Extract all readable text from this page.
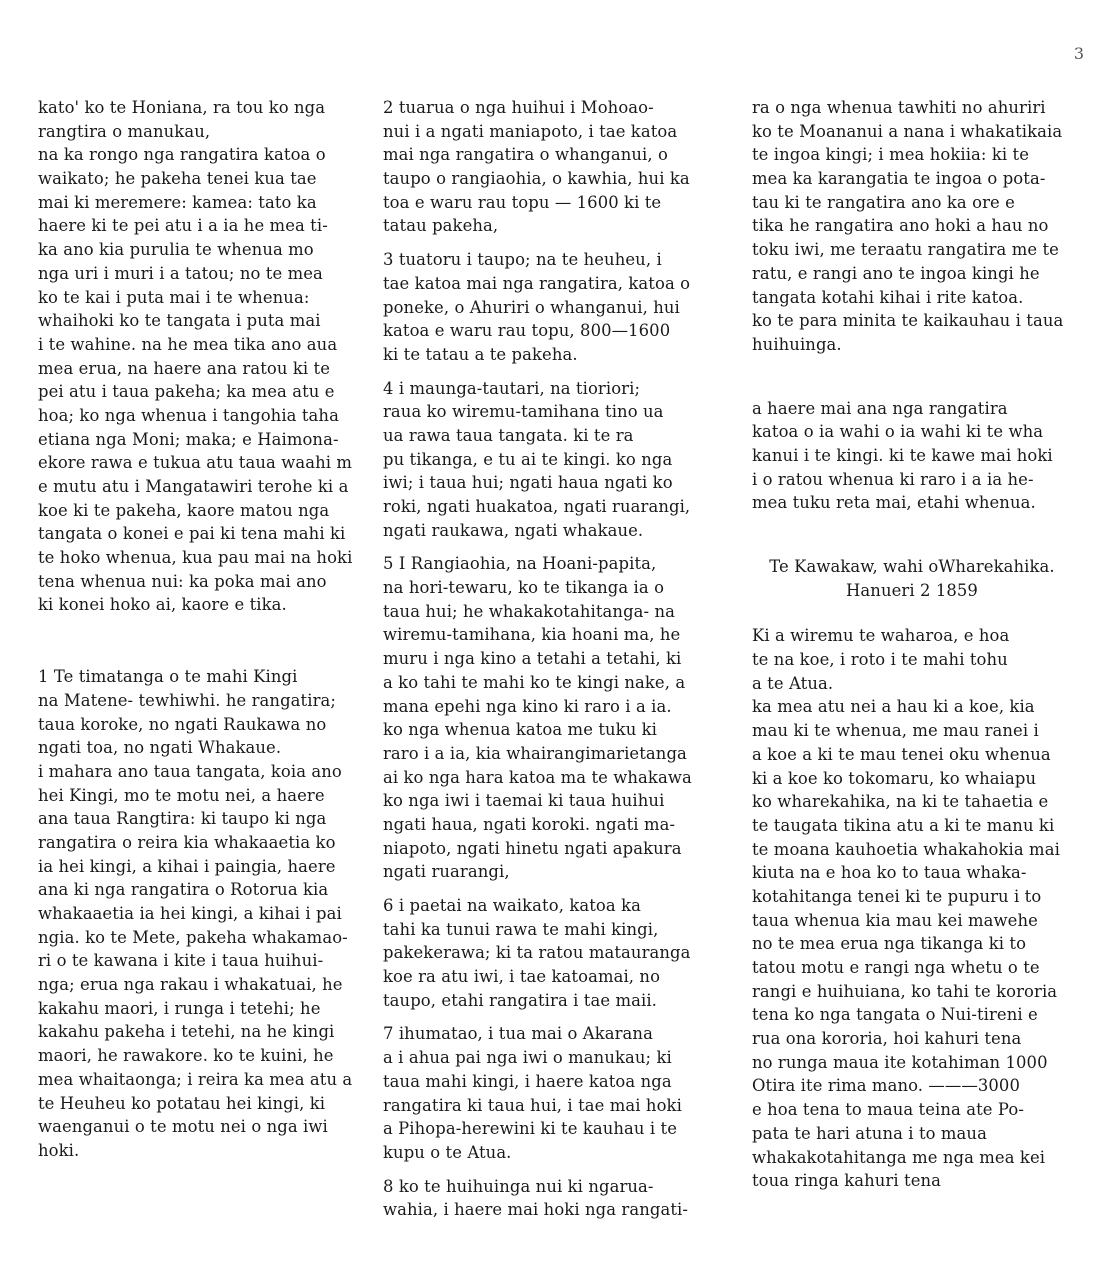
3
kato' ko te Honiana, ra tou ko nga
rangtira o manukau,
na ka rongo nga rangatira katoa o
waikato; he pakeha tenei kua tae
mai ki meremere: kamea: tato ka
haere ki te pei atu i a ia he mea ti-
ka ano kia purulia te whenua mo
nga uri i muri i a tatou; no te mea
ko te kai i puta mai i te whenua:
whaihoki ko te tangata i puta mai
i te wahine. na he mea tika ano aua
mea erua, na haere ana ratou ki te
pei atu i taua pakeha; ka mea atu e
hoa; ko nga whenua i tangohia taha
etiana nga Moni; maka; e Haimona-
ekore rawa e tukua atu taua waahi m
e mutu atu i Mangatawiri terohe ki a
koe ki te pakeha, kaore matou nga
tangata o konei e pai ki tena mahi ki
te hoko whenua, kua pau mai na hoki
tena whenua nui: ka poka mai ano
ki konei hoko ai, kaore e tika.
1 Te timatanga o te mahi Kingi
na Matene- tewhiwhi. he rangatira;
taua koroke, no ngati Raukawa no
ngati toa, no ngati Whakaue.
i mahara ano taua tangata, koia ano
hei Kingi, mo te motu nei, a haere
ana taua Rangtira: ki taupo ki nga
rangatira o reira kia whakaaetia ko
ia hei kingi, a kihai i paingia, haere
ana ki nga rangatira o Rotorua kia
whakaaetia ia hei kingi, a kihai i pai
ngia. ko te Mete, pakeha whakamao-
ri o te kawana i kite i taua huihui-
nga; erua nga rakau i whakatuai, he
kakahu maori, i runga i tetehi; he
kakahu pakeha i tetehi, na he kingi
maori, he rawakore. ko te kuini, he
mea whaitaonga; i reira ka mea atu a
te Heuheu ko potatau hei kingi, ki
waenganui o te motu nei o nga iwi
hoki.
2 tuarua o nga huihui i Mohoao-
nui i a ngati maniapoto, i tae katoa
mai nga rangatira o whanganui, o
taupo o rangiaohia, o kawhia, hui ka
toa e waru rau topu — 1600 ki te
tatau pakeha,
3 tuatoru i taupo; na te heuheu, i
tae katoa mai nga rangatira, katoa o
poneke, o Ahuriri o whanganui, hui
katoa e waru rau topu, 800—1600
ki te tatau a te pakeha.
4 i maunga-tautari, na tioriori;
raua ko wiremu-tamihana tino ua
ua rawa taua tangata. ki te ra
pu tikanga, e tu ai te kingi. ko nga
iwi; i taua hui; ngati haua ngati ko
roki, ngati huakatoa, ngati ruarangi,
ngati raukawa, ngati whakaue.
5 I Rangiaohia, na Hoani-papita,
na hori-tewaru, ko te tikanga ia o
taua hui; he whakakotahitanga- na
wiremu-tamihana, kia hoani ma, he
muru i nga kino a tetahi a tetahi, ki
a ko tahi te mahi ko te kingi nake, a
mana epehi nga kino ki raro i a ia.
ko nga whenua katoa me tuku ki
raro i a ia, kia whairangimarietanga
ai ko nga hara katoa ma te whakawa
ko nga iwi i taemai ki taua huihui
ngati haua, ngati koroki. ngati ma-
niapoto, ngati hinetu ngati apakura
ngati ruarangi,
6 i paetai na waikato, katoa ka
tahi ka tunui rawa te mahi kingi,
pakekerawa; ki ta ratou matauranga
koe ra atu iwi, i tae katoamai, no
taupo, etahi rangatira i tae maii.
7 ihumatao, i tua mai o Akarana
a i ahua pai nga iwi o manukau; ki
taua mahi kingi, i haere katoa nga
rangatira ki taua hui, i tae mai hoki
a Pihopa-herewini ki te kauhau i te
kupu o te Atua.
8 ko te huihuinga nui ki ngarua-
wahia, i haere mai hoki nga rangati-
ra o nga whenua tawhiti no ahuriri
ko te Moananui a nana i whakatikaia
te ingoa kingi; i mea hokiia: ki te
mea ka karangatia te ingoa o pota-
tau ki te rangatira ano ka ore e
tika he rangatira ano hoki a hau no
toku iwi, me teraatu rangatira me te
ratu, e rangi ano te ingoa kingi he
tangata kotahi kihai i rite katoa.
ko te para minita te kaikauhau i taua
huihuinga.
a haere mai ana nga rangatira
katoa o ia wahi o ia wahi ki te wha
kanui i te kingi. ki te kawe mai hoki
i o ratou whenua ki raro i a ia he-
mea tuku reta mai, etahi whenua.
Te Kawakaw, wahi oWharekahika.
Hanueri 2 1859
Ki a wiremu te waharoa, e hoa
te na koe, i roto i te mahi tohu
a te Atua.
ka mea atu nei a hau ki a koe, kia
mau ki te whenua, me mau ranei i
a koe a ki te mau tenei oku whenua
ki a koe ko tokomaru, ko whaiapu
ko wharekahika, na ki te tahaetia e
te taugata tikina atu a ki te manu ki
te moana kauhoetia whakahokia mai
kiuta na e hoa ko to taua whaka-
kotahitanga tenei ki te pupuru i to
taua whenua kia mau kei mawehe
no te mea erua nga tikanga ki to
tatou motu e rangi nga whetu o te
rangi e huihuiana, ko tahi te kororia
tena ko nga tangata o Nui-tireni e
rua ona kororia, hoi kahuri tena
no runga maua ite kotahiman 1000
Otira ite rima mano. ———3000
e hoa tena to maua teina ate Po-
pata te hari atuna i to maua
whakakotahitanga me nga mea kei
toua ringa kahuri tena
